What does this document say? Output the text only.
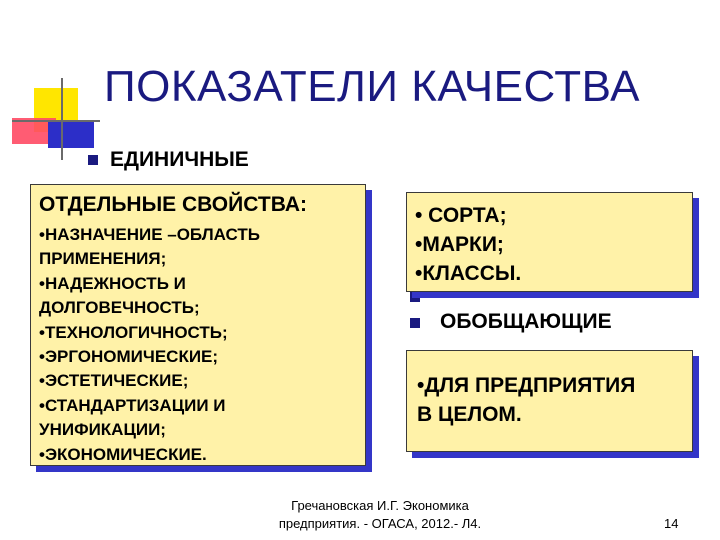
ПОКАЗАТЕЛИ КАЧЕСТВА
ЕДИНИЧНЫЕ
ОБОБЩАЮЩИЕ
ОТДЕЛЬНЫЕ СВОЙСТВА:
•НАЗНАЧЕНИЕ –ОБЛАСТЬ
ПРИМЕНЕНИЯ;
•НАДЕЖНОСТЬ И
ДОЛГОВЕЧНОСТЬ;
•ТЕХНОЛОГИЧНОСТЬ;
•ЭРГОНОМИЧЕСКИЕ;
•ЭСТЕТИЧЕСКИЕ;
•СТАНДАРТИЗАЦИИ И
УНИФИКАЦИИ;
•ЭКОНОМИЧЕСКИЕ.
• СОРТА;
•МАРКИ;
•КЛАССЫ.
•ДЛЯ ПРЕДПРИЯТИЯ
В ЦЕЛОМ.
Гречановская И.Г. Экономика
предприятия. - ОГАСА, 2012.- Л4.	14
